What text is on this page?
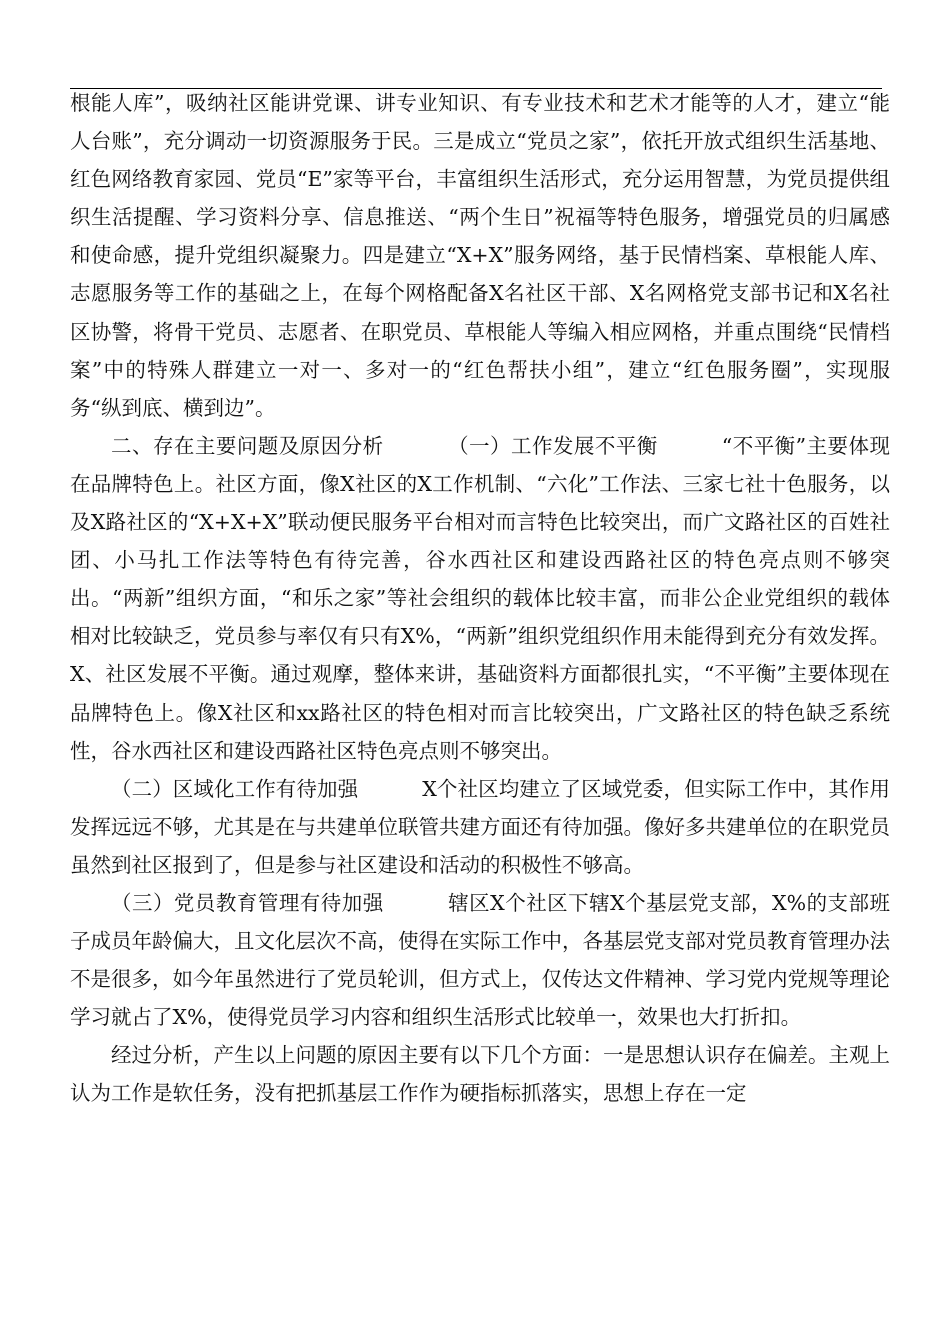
根能人库”，吸纳社区能讲党课、讲专业知识、有专业技术和艺术才能等的人才，建立“能人台账”，充分调动一切资源服务于民。三是成立“党员之家”，依托开放式组织生活基地、红色网络教育家园、党员“E”家等平台，丰富组织生活形式，充分运用智慧，为党员提供组织生活提醒、学习资料分享、信息推送、“两个生日”祝福等特色服务，增强党员的归属感和使命感，提升党组织凝聚力。四是建立“X+X”服务网络，基于民情档案、草根能人库、志愿服务等工作的基础之上，在每个网格配备X名社区干部、X名网格党支部书记和X名社区协警，将骨干党员、志愿者、在职党员、草根能人等编入相应网格，并重点围绕“民情档案”中的特殊人群建立一对一、多对一的“红色帮扶小组”，建立“红色服务圈”，实现服务“纵到底、横到边”。

二、存在主要问题及原因分析	（一）工作发展不平衡	“不平衡”主要体现在品牌特色上。社区方面，像X社区的X工作机制、“六化”工作法、三家七社十色服务，以及X路社区的“X+X+X”联动便民服务平台相对而言特色比较突出，而广文路社区的百姓社团、小马扎工作法等特色有待完善，谷水西社区和建设西路社区的特色亮点则不够突出。“两新”组织方面，“和乐之家”等社会组织的载体比较丰富，而非公企业党组织的载体相对比较缺乏，党员参与率仅有只有X%，“两新”组织党组织作用未能得到充分有效发挥。X、社区发展不平衡。通过观摩，整体来讲，基础资料方面都很扎实，“不平衡”主要体现在品牌特色上。像X社区和xx路社区的特色相对而言比较突出，广文路社区的特色缺乏系统性，谷水西社区和建设西路社区特色亮点则不够突出。

（二）区域化工作有待加强	X个社区均建立了区域党委，但实际工作中，其作用发挥远远不够，尤其是在与共建单位联管共建方面还有待加强。像好多共建单位的在职党员虽然到社区报到了，但是参与社区建设和活动的积极性不够高。

（三）党员教育管理有待加强	辖区X个社区下辖X个基层党支部，X%的支部班子成员年龄偏大，且文化层次不高，使得在实际工作中，各基层党支部对党员教育管理办法不是很多，如今年虽然进行了党员轮训，但方式上，仅传达文件精神、学习党内党规等理论学习就占了X%，使得党员学习内容和组织生活形式比较单一，效果也大打折扣。

经过分析，产生以上问题的原因主要有以下几个方面：一是思想认识存在偏差。主观上认为工作是软任务，没有把抓基层工作作为硬指标抓落实，思想上存在一定
